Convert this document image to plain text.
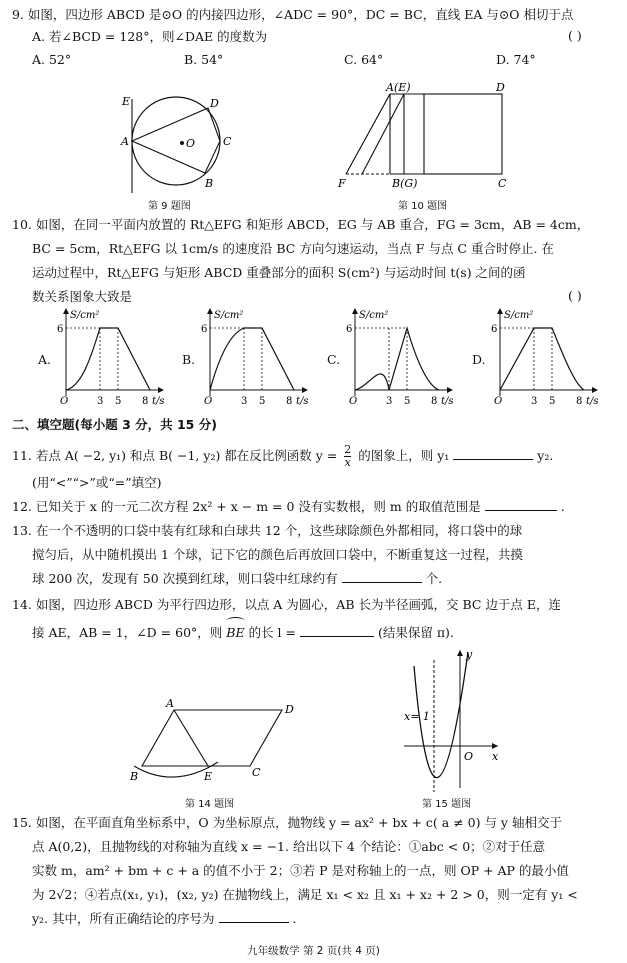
9. 如图，四边形 ABCD 是⊙O 的内接四边形，∠ADC = 90°，DC = BC，直线 EA 与⊙O 相切于点
A. 若∠BCD = 128°，则∠DAE 的度数为	( )
A. 52°	B. 54°	C. 64°	D. 74°
E
A
D
O	C
B
第 9 题图
A(E)	D
F	B(G)	C
第 10 题图
10. 如图，在同一平面内放置的 Rt△EFG 和矩形 ABCD，EG 与 AB 重合，FG = 3cm，AB = 4cm，
BC = 5cm，Rt△EFG 以 1cm/s 的速度沿 BC 方向匀速运动，当点 F 与点 C 重合时停止. 在
运动过程中，Rt△EFG 与矩形 ABCD 重叠部分的面积 S(cm²) 与运动时间 t(s) 之间的函
数关系图象大致是	( )
A.	B.	C.	D.
S/cm²
t/s
6
O	3 5 8
S/cm²
t/s
6
O	3 5 8
S/cm²
t/s
6
O	3 5 8
S/cm²
t/s
6
O	3 5 8
二、填空题(每小题 3 分，共 15 分)
11. 若点 A( −2, y₁) 和点 B( −1, y₂) 都在反比例函数 $y = \frac{2}{x}$ 的图象上，则 y₁	y₂.
(用“<”“>”或“=”填空)
12. 已知关于 x 的一元二次方程 2x² + x − m = 0 没有实数根，则 m 的取值范围是	.
13. 在一个不透明的口袋中装有红球和白球共 12 个，这些球除颜色外都相同，将口袋中的球
搅匀后，从中随机摸出 1 个球，记下它的颜色后再放回口袋中，不断重复这一过程，共摸
球 200 次，发现有 50 次摸到红球，则口袋中红球约有	个.
14. 如图，四边形 ABCD 为平行四边形，以点 A 为圆心，AB 长为半径画弧，交 BC 边于点 E，连
接 AE，AB = 1，∠D = 60°，则 BE 的长 l =	(结果保留 π).
A	D
B	E	C
第 14 题图
y
x
O
x= 1
第 15 题图
15. 如图，在平面直角坐标系中，O 为坐标原点，抛物线 y = ax² + bx + c( a ≠ 0) 与 y 轴相交于
点 A(0,2)，且抛物线的对称轴为直线 x = −1. 给出以下 4 个结论：①abc < 0；②对于任意
实数 m，am² + bm + c + a 的值不小于 2；③若 P 是对称轴上的一点，则 OP + AP 的最小值
为 2√2；④若点(x₁, y₁)，(x₂, y₂) 在抛物线上，满足 x₁ < x₂ 且 x₁ + x₂ + 2 > 0，则一定有 y₁ <
y₂. 其中，所有正确结论的序号为	.
九年级数学 第 2 页(共 4 页)
